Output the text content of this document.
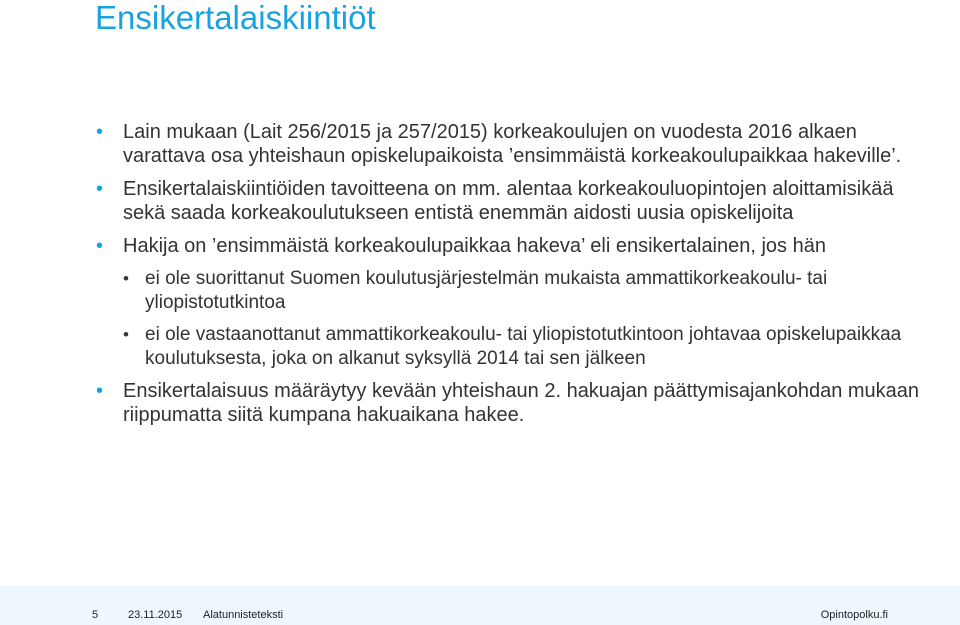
Ensikertalaiskiintiöt
• Lain mukaan (Lait 256/2015 ja 257/2015) korkeakoulujen on vuodesta 2016 alkaen varattava osa yhteishaun opiskelupaikoista ’ensimmäistä korkeakoulupaikkaa hakeville’.
• Ensikertalaiskiintiöiden tavoitteena on mm. alentaa korkeakouluopintojen aloittamisikää sekä saada korkeakoulutukseen entistä enemmän aidosti uusia opiskelijoita
• Hakija on ’ensimmäistä korkeakoulupaikkaa hakeva’ eli ensikertalainen, jos hän
• ei ole suorittanut Suomen koulutusjärjestelmän mukaista ammattikorkeakoulu- tai yliopistotutkintoa
• ei ole vastaanottanut ammattikorkeakoulu- tai yliopistotutkintoon johtavaa opiskelupaikkaa koulutuksesta, joka on alkanut syksyllä 2014 tai sen jälkeen
• Ensikertalaisuus määräytyy kevään yhteishaun 2. hakuajan päättymisajankohdan mukaan riippumatta siitä kumpana hakuaikana hakee.
5	23.11.2015 Alatunnisteteksti	Opintopolku.fi
